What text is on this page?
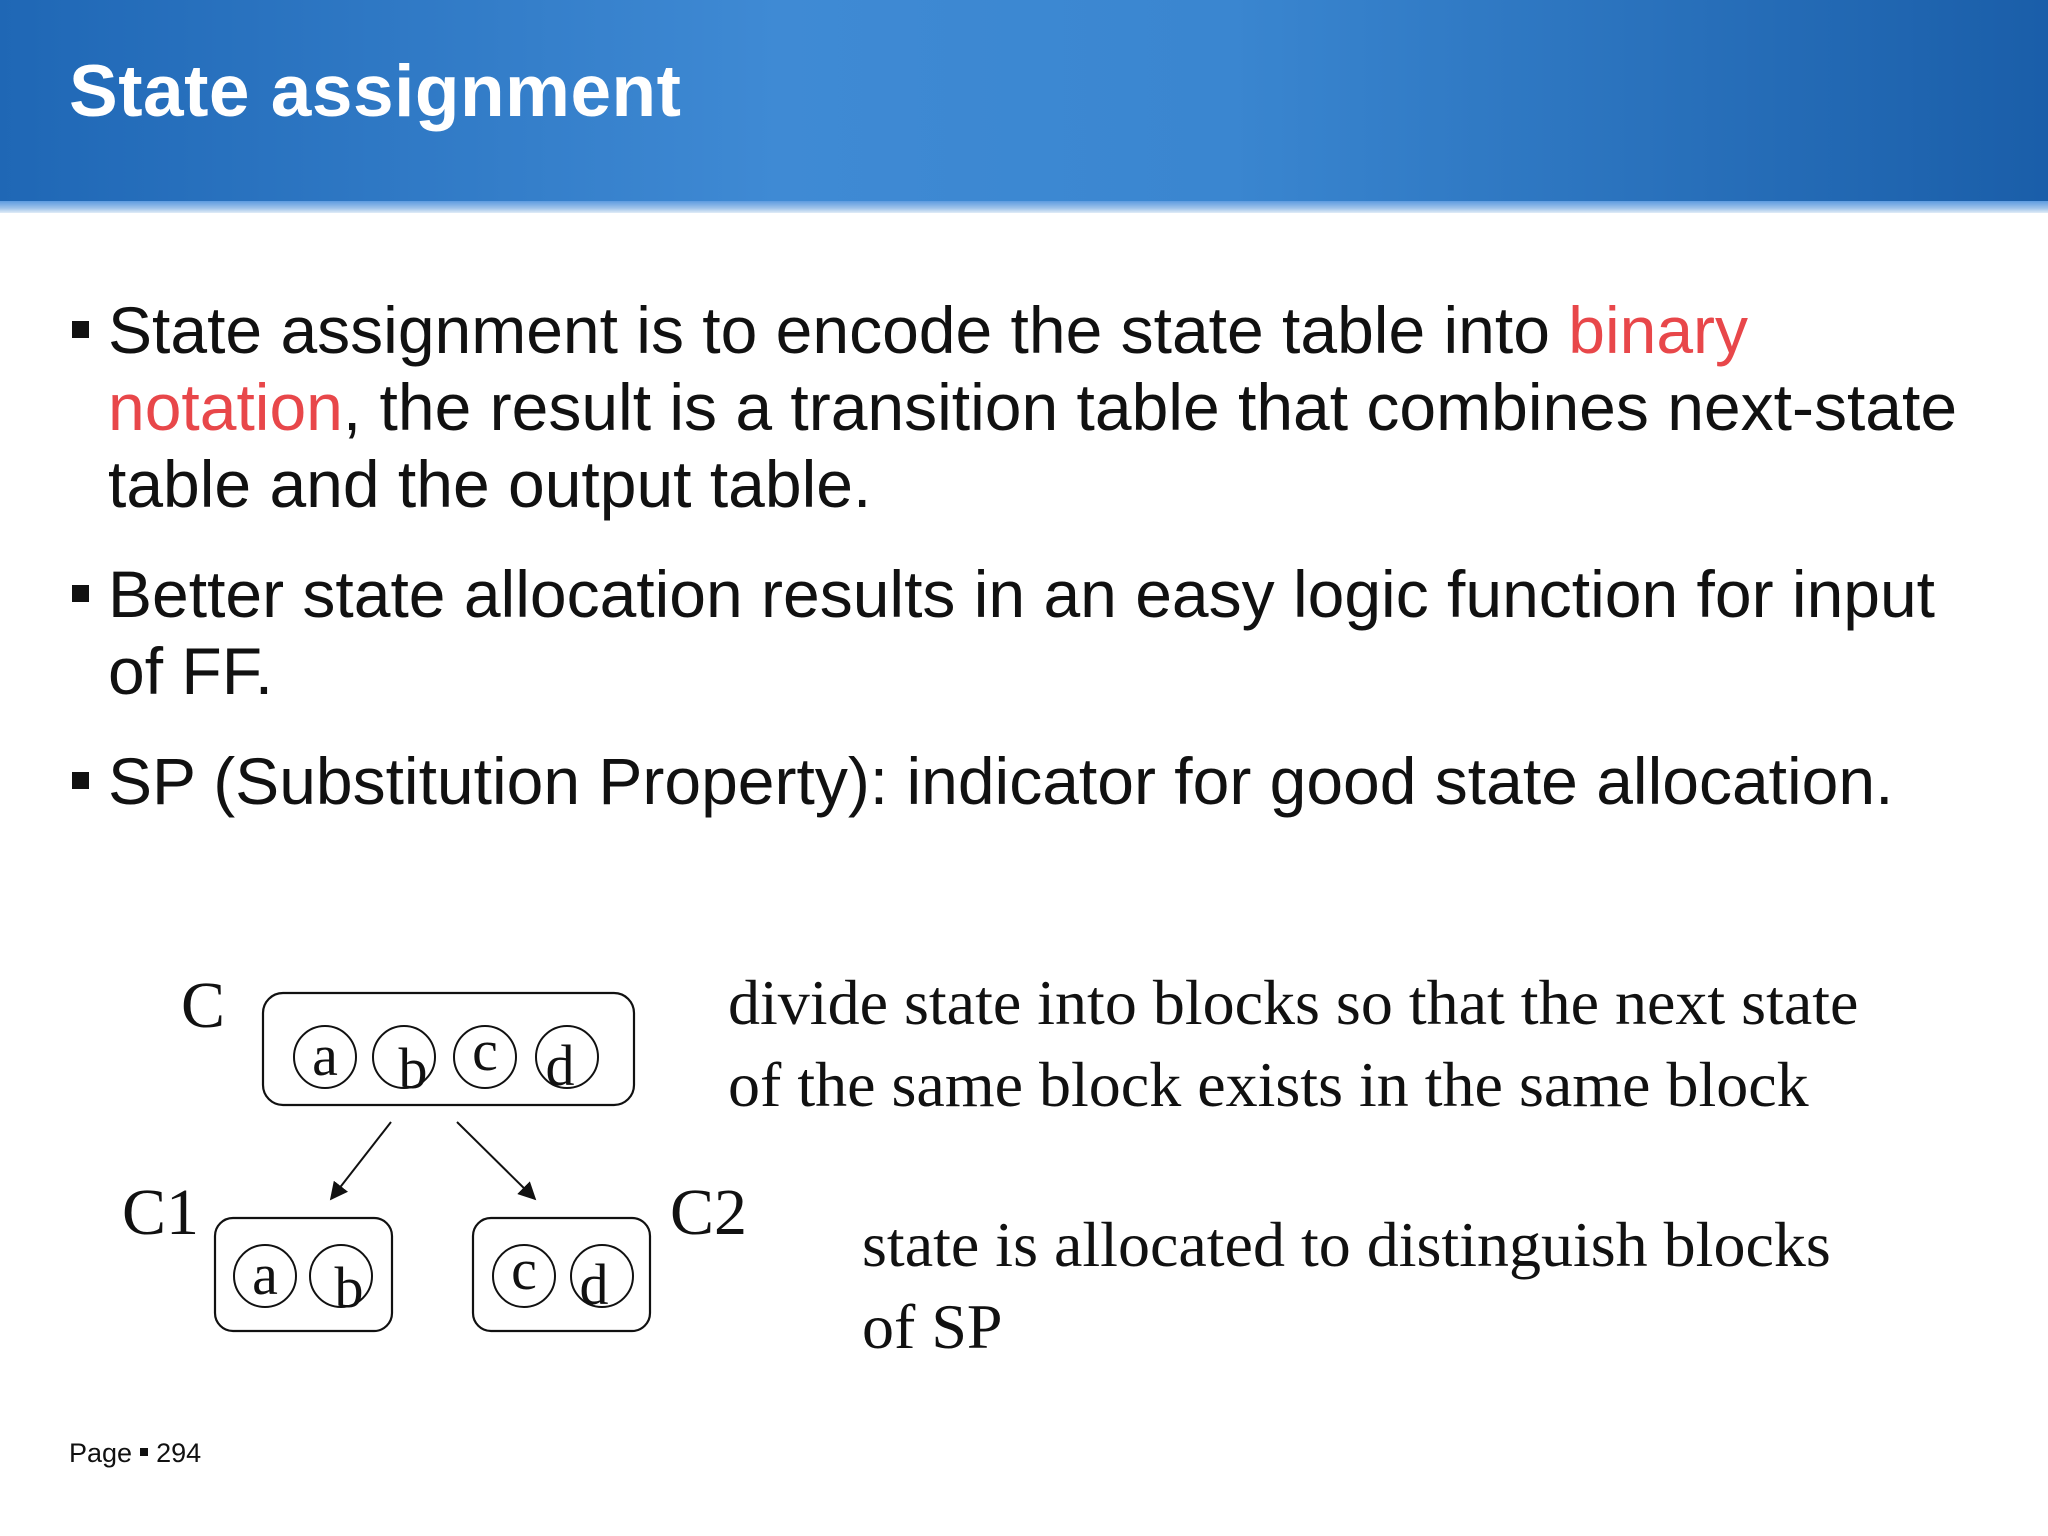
State assignment
State assignment is to encode the state table into binary notation, the result is a transition table that combines next-state table and the output table.
Better state allocation results in an easy logic function for input of FF.
SP (Substitution Property): indicator for good state allocation.
C
a b c d
C1
a b
C2
c d
divide state into blocks so that the next state
of the same block exists in the same block
state is allocated to distinguish blocks
of SP
Page 294
